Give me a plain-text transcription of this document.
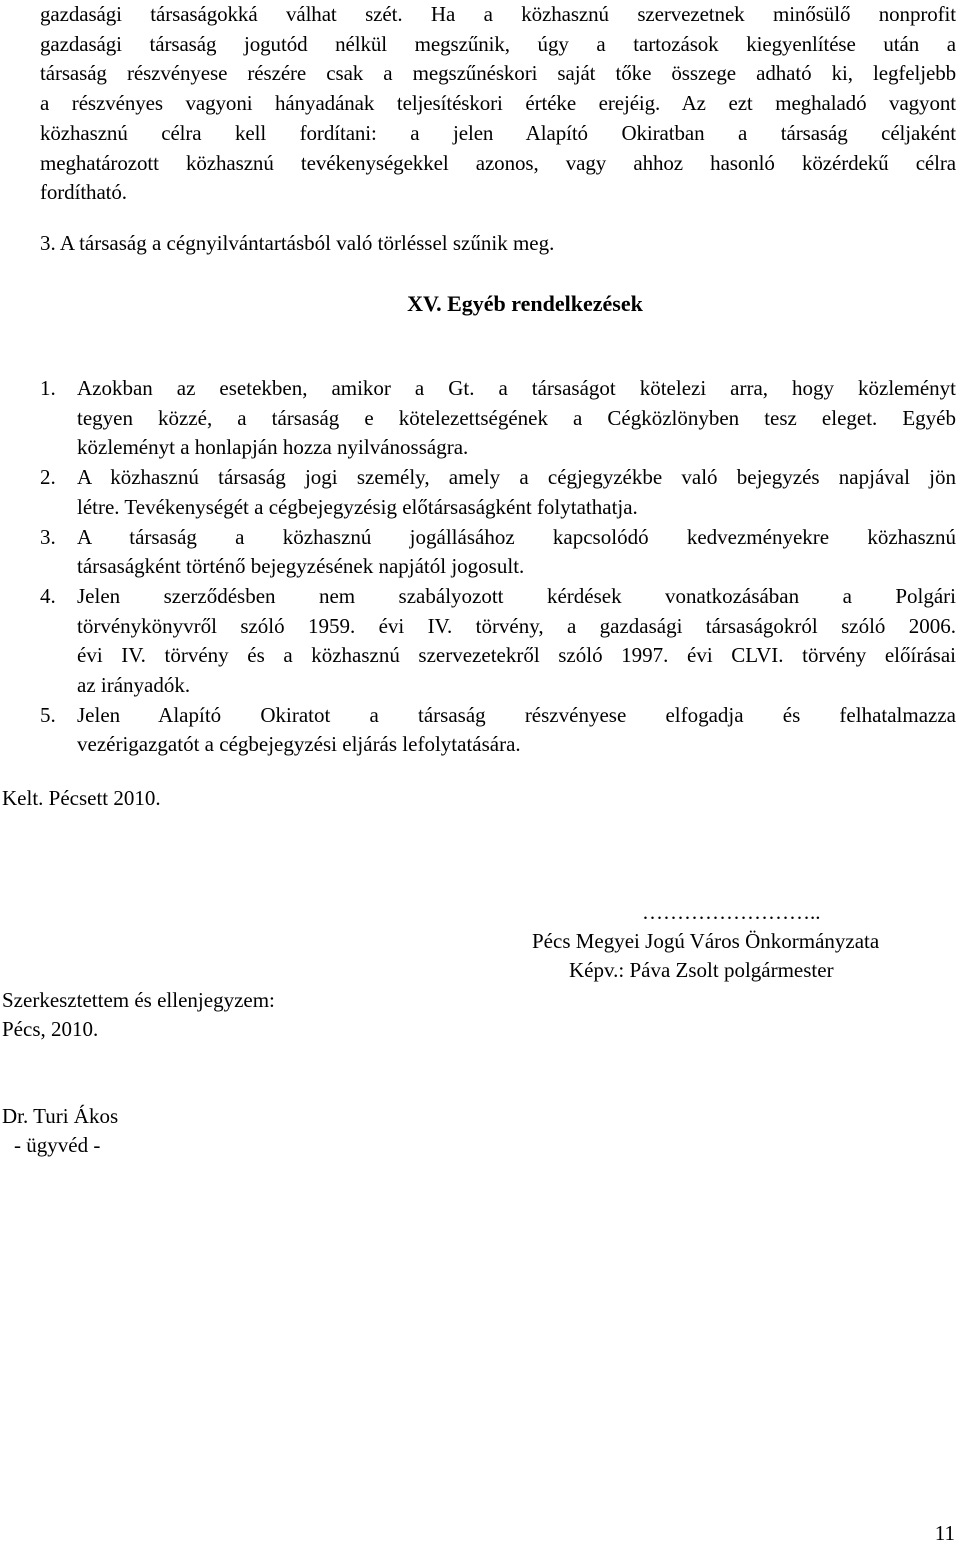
gazdasági társaságokká válhat szét. Ha a közhasznú szervezetnek minősülő nonprofit
gazdasági társaság jogutód nélkül megszűnik, úgy a tartozások kiegyenlítése után a
társaság részvényese részére csak a megszűnéskori saját tőke összege adható ki, legfeljebb
a részvényes vagyoni hányadának teljesítéskori értéke erejéig. Az ezt meghaladó vagyont
közhasznú célra kell fordítani: a jelen Alapító Okiratban a társaság céljaként
meghatározott közhasznú tevékenységekkel azonos, vagy ahhoz hasonló közérdekű célra
fordítható.
3. A társaság a cégnyilvántartásból való törléssel szűnik meg.
XV. Egyéb rendelkezések
1. Azokban az esetekben, amikor a Gt. a társaságot kötelezi arra, hogy közleményt
tegyen közzé, a társaság e kötelezettségének a Cégközlönyben tesz eleget. Egyéb
közleményt a honlapján hozza nyilvánosságra.
2. A közhasznú társaság jogi személy, amely a cégjegyzékbe való bejegyzés napjával jön
létre. Tevékenységét a cégbejegyzésig előtársaságként folytathatja.
3. A társaság a közhasznú jogállásához kapcsolódó kedvezményekre közhasznú
társaságként történő bejegyzésének napjától jogosult.
4. Jelen szerződésben nem szabályozott kérdések vonatkozásában a Polgári
törvénykönyvről szóló 1959. évi IV. törvény, a gazdasági társaságokról szóló 2006.
évi IV. törvény és a közhasznú szervezetekről szóló 1997. évi CLVI. törvény előírásai
az irányadók.
5. Jelen Alapító Okiratot a társaság részvényese elfogadja és felhatalmazza
vezérigazgatót a cégbejegyzési eljárás lefolytatására.
Kelt. Pécsett 2010.
……………………..
Pécs Megyei Jogú Város Önkormányzata
Képv.: Páva Zsolt polgármester
Szerkesztettem és ellenjegyzem:
Pécs, 2010.
Dr. Turi Ákos
- ügyvéd -
11
